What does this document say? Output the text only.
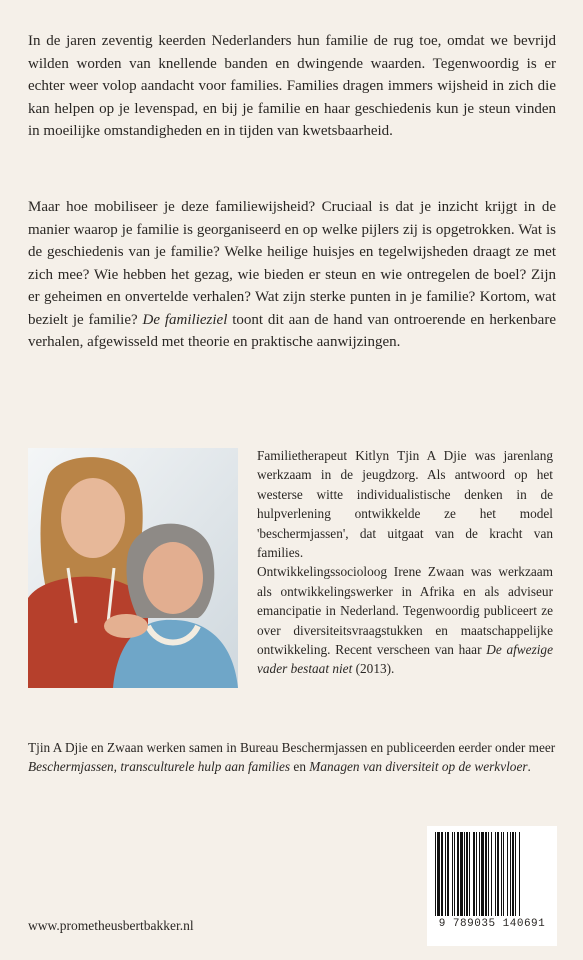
In de jaren zeventig keerden Nederlanders hun familie de rug toe, omdat we bevrijd wilden worden van knellende banden en dwingende waarden. Tegenwoordig is er echter weer volop aandacht voor families. Families dragen immers wijsheid in zich die kan helpen op je levenspad, en bij je familie en haar geschiedenis kun je steun vinden in moeilijke omstandigheden en in tijden van kwetsbaarheid.

Maar hoe mobiliseer je deze familiewijsheid? Cruciaal is dat je inzicht krijgt in de manier waarop je familie is georganiseerd en op welke pijlers zij is opgetrokken. Wat is de geschiedenis van je familie? Welke heilige huisjes en tegelwijsheden draagt ze met zich mee? Wie hebben het gezag, wie bieden er steun en wie ontregelen de boel? Zijn er geheimen en onvertelde verhalen? Wat zijn sterke punten in je familie? Kortom, wat bezielt je familie? De familieziel toont dit aan de hand van ontroerende en herkenbare verhalen, afgewisseld met theorie en praktische aanwijzingen.

Familietherapeut Kitlyn Tjin A Djie was jarenlang werkzaam in de jeugdzorg. Als antwoord op het westerse witte individualistische denken in de hulpverlening ontwikkelde ze het model 'beschermjassen', dat uitgaat van de kracht van families.

Ontwikkelingssocioloog Irene Zwaan was werkzaam als ontwikkelingswerker in Afrika en als adviseur emancipatie in Nederland. Tegenwoordig publiceert ze over diversiteitsvraagstukken en maatschappelijke ontwikkeling. Recent verscheen van haar De afwezige vader bestaat niet (2013).

Tjin A Djie en Zwaan werken samen in Bureau Beschermjassen en publiceerden eerder onder meer Beschermjassen, transculturele hulp aan families en Managen van diversiteit op de werkvloer.

www.prometheusbertbakker.nl	9 789035 140691
